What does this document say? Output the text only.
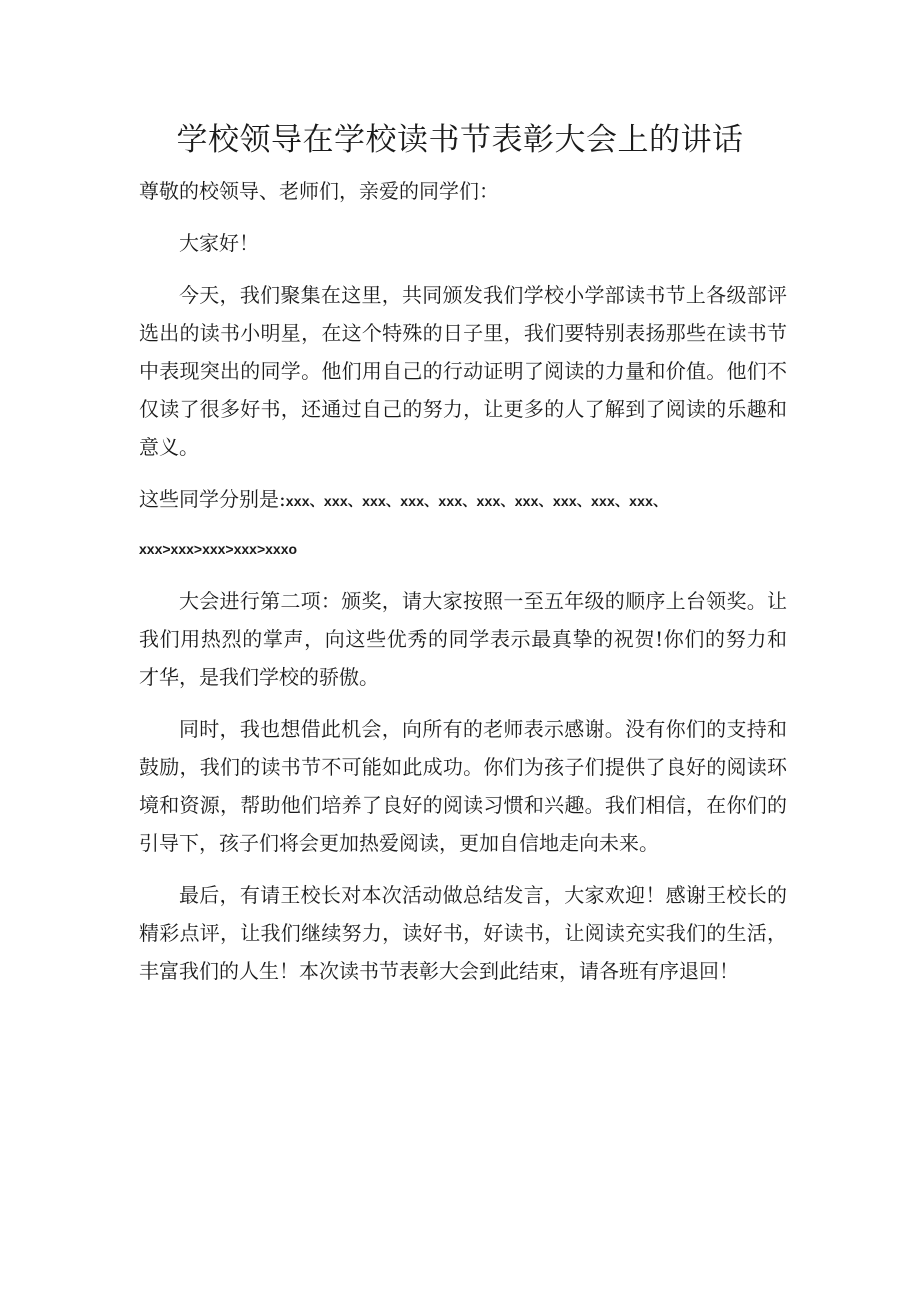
学校领导在学校读书节表彰大会上的讲话

尊敬的校领导、老师们，亲爱的同学们：

大家好！

今天，我们聚集在这里，共同颁发我们学校小学部读书节上各级部评选出的读书小明星，在这个特殊的日子里，我们要特别表扬那些在读书节中表现突出的同学。他们用自己的行动证明了阅读的力量和价值。他们不仅读了很多好书，还通过自己的努力，让更多的人了解到了阅读的乐趣和意义。

这些同学分别是:xxx、xxx、xxx、xxx、xxx、xxx、xxx、xxx、xxx、xxx、

xxx>xxx>xxx>xxx>xxxo

大会进行第二项：颁奖，请大家按照一至五年级的顺序上台领奖。让我们用热烈的掌声，向这些优秀的同学表示最真挚的祝贺!你们的努力和才华，是我们学校的骄傲。

同时，我也想借此机会，向所有的老师表示感谢。没有你们的支持和鼓励，我们的读书节不可能如此成功。你们为孩子们提供了良好的阅读环境和资源，帮助他们培养了良好的阅读习惯和兴趣。我们相信，在你们的引导下，孩子们将会更加热爱阅读，更加自信地走向未来。

最后，有请王校长对本次活动做总结发言，大家欢迎！感谢王校长的精彩点评，让我们继续努力，读好书，好读书，让阅读充实我们的生活，丰富我们的人生！本次读书节表彰大会到此结束，请各班有序退回！
